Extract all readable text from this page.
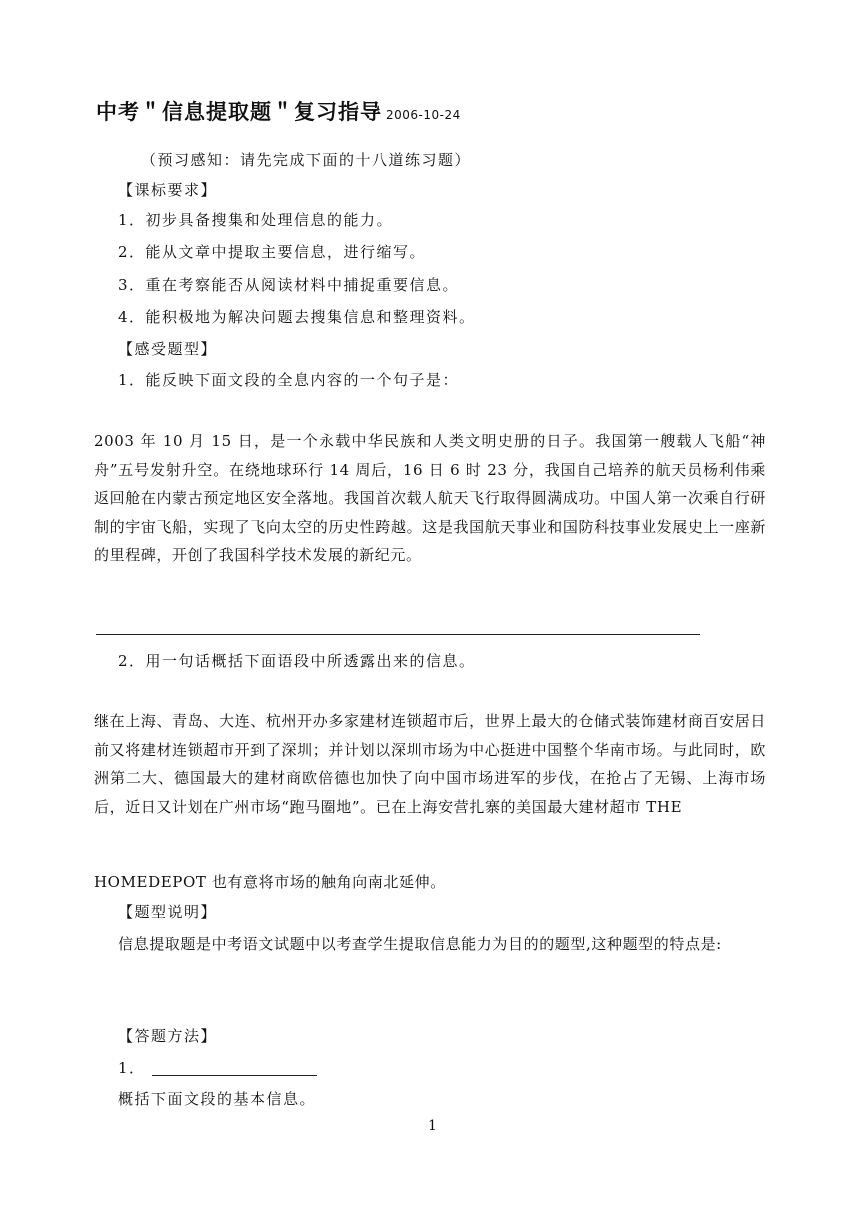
中考＂信息提取题＂复习指导 2006-10-24
（预习感知：请先完成下面的十八道练习题）
【课标要求】
1．初步具备搜集和处理信息的能力。
2．能从文章中提取主要信息，进行缩写。
3．重在考察能否从阅读材料中捕捉重要信息。
4．能积极地为解决问题去搜集信息和整理资料。
【感受题型】
1．能反映下面文段的全息内容的一个句子是：
2003 年 10 月 15 日，是一个永载中华民族和人类文明史册的日子。我国第一艘载人飞船“神舟”五号发射升空。在绕地球环行 14 周后，16 日 6 时 23 分，我国自己培养的航天员杨利伟乘返回舱在内蒙古预定地区安全落地。我国首次载人航天飞行取得圆满成功。中国人第一次乘自行研制的宇宙飞船，实现了飞向太空的历史性跨越。这是我国航天事业和国防科技事业发展史上一座新的里程碑，开创了我国科学技术发展的新纪元。
2．用一句话概括下面语段中所透露出来的信息。
继在上海、青岛、大连、杭州开办多家建材连锁超市后，世界上最大的仓储式装饰建材商百安居日前又将建材连锁超市开到了深圳；并计划以深圳市场为中心挺进中国整个华南市场。与此同时，欧洲第二大、德国最大的建材商欧倍德也加快了向中国市场进军的步伐，在抢占了无锡、上海市场后，近日又计划在广州市场“跑马圈地”。已在上海安营扎寨的美国最大建材超市 THE
HOMEDEPOT 也有意将市场的触角向南北延伸。
【题型说明】
信息提取题是中考语文试题中以考查学生提取信息能力为目的的题型,这种题型的特点是:
【答题方法】
1．
概括下面文段的基本信息。
1
